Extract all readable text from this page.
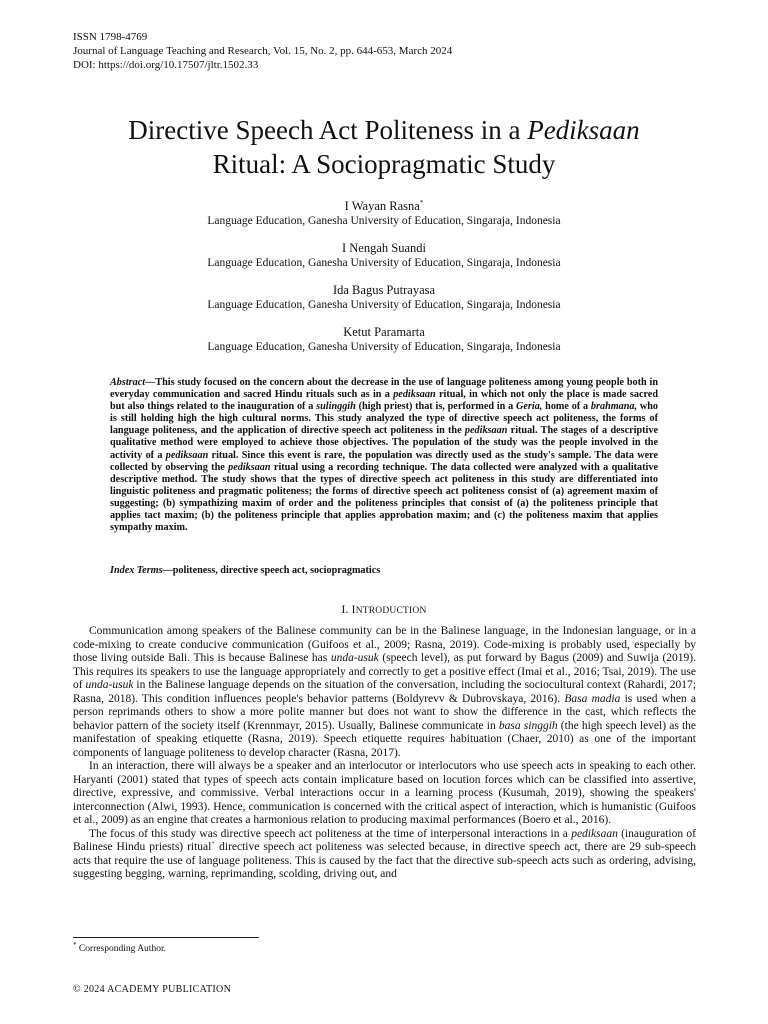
ISSN 1798-4769
Journal of Language Teaching and Research, Vol. 15, No. 2, pp. 644-653, March 2024
DOI: https://doi.org/10.17507/jltr.1502.33
Directive Speech Act Politeness in a Pediksaan
Ritual: A Sociopragmatic Study
I Wayan Rasna*
Language Education, Ganesha University of Education, Singaraja, Indonesia
I Nengah Suandi
Language Education, Ganesha University of Education, Singaraja, Indonesia
Ida Bagus Putrayasa
Language Education, Ganesha University of Education, Singaraja, Indonesia
Ketut Paramarta
Language Education, Ganesha University of Education, Singaraja, Indonesia
Abstract—This study focused on the concern about the decrease in the use of language politeness among young people both in everyday communication and sacred Hindu rituals such as in a pediksaan ritual, in which not only the place is made sacred but also things related to the inauguration of a sulinggih (high priest) that is, performed in a Geria, home of a brahmana, who is still holding high the high cultural norms. This study analyzed the type of directive speech act politeness, the forms of language politeness, and the application of directive speech act politeness in the pediksaan ritual. The stages of a descriptive qualitative method were employed to achieve those objectives. The population of the study was the people involved in the activity of a pediksaan ritual. Since this event is rare, the population was directly used as the study's sample. The data were collected by observing the pediksaan ritual using a recording technique. The data collected were analyzed with a qualitative descriptive method. The study shows that the types of directive speech act politeness in this study are differentiated into linguistic politeness and pragmatic politeness; the forms of directive speech act politeness consist of (a) agreement maxim of suggesting; (b) sympathizing maxim of order and the politeness principles that consist of (a) the politeness principle that applies tact maxim; (b) the politeness principle that applies approbation maxim; and (c) the politeness maxim that applies sympathy maxim.
Index Terms—politeness, directive speech act, sociopragmatics
I. INTRODUCTION

Communication among speakers of the Balinese community can be in the Balinese language, in the Indonesian language, or in a code-mixing to create conducive communication (Guifoos et al., 2009; Rasna, 2019). Code-mixing is probably used, especially by those living outside Bali. This is because Balinese has unda-usuk (speech level), as put forward by Bagus (2009) and Suwija (2019). This requires its speakers to use the language appropriately and correctly to get a positive effect (Imai et al., 2016; Tsai, 2019). The use of unda-usuk in the Balinese language depends on the situation of the conversation, including the sociocultural context (Rahardi, 2017; Rasna, 2018). This condition influences people's behavior patterns (Boldyrevv & Dubrovskaya, 2016). Basa madia is used when a person reprimands others to show a more polite manner but does not want to show the difference in the cast, which reflects the behavior pattern of the society itself (Krennmayr, 2015). Usually, Balinese communicate in basa singgih (the high speech level) as the manifestation of speaking etiquette (Rasna, 2019). Speech etiquette requires habituation (Chaer, 2010) as one of the important components of language politeness to develop character (Rasna, 2017).

In an interaction, there will always be a speaker and an interlocutor or interlocutors who use speech acts in speaking to each other. Haryanti (2001) stated that types of speech acts contain implicature based on locution forces which can be classified into assertive, directive, expressive, and commissive. Verbal interactions occur in a learning process (Kusumah, 2019), showing the speakers' interconnection (Alwi, 1993). Hence, communication is concerned with the critical aspect of interaction, which is humanistic (Guifoos et al., 2009) as an engine that creates a harmonious relation to producing maximal performances (Boero et al., 2016).

The focus of this study was directive speech act politeness at the time of interpersonal interactions in a pediksaan (inauguration of Balinese Hindu priests) ritual` directive speech act politeness was selected because, in directive speech act, there are 29 sub-speech acts that require the use of language politeness. This is caused by the fact that the directive sub-speech acts such as ordering, advising, suggesting begging, warning, reprimanding, scolding, driving out, and

* Corresponding Author.
© 2024 ACADEMY PUBLICATION
